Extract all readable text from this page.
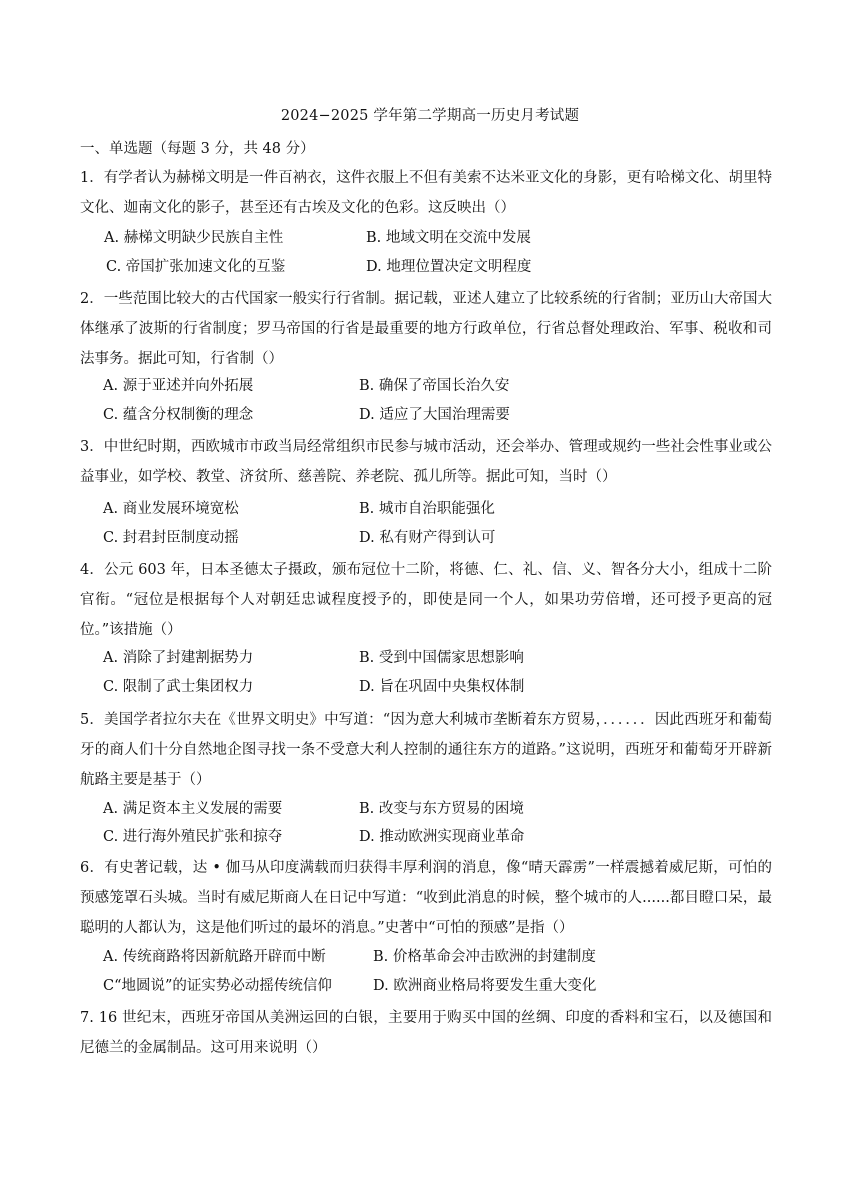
2024−2025 学年第二学期高一历史月考试题
一、单选题（每题 3 分，共 48 分）
1．有学者认为赫梯文明是一件百衲衣，这件衣服上不但有美索不达米亚文化的身影，更有哈梯文化、胡里特文化、迦南文化的影子，甚至还有古埃及文化的色彩。这反映出（）
A. 赫梯文明缺少民族自主性	B. 地域文明在交流中发展
C. 帝国扩张加速文化的互鉴	D. 地理位置决定文明程度
2．一些范围比较大的古代国家一般实行行省制。据记载，亚述人建立了比较系统的行省制；亚历山大帝国大体继承了波斯的行省制度；罗马帝国的行省是最重要的地方行政单位，行省总督处理政治、军事、税收和司法事务。据此可知，行省制（）
A. 源于亚述并向外拓展	B. 确保了帝国长治久安
C. 蕴含分权制衡的理念	D. 适应了大国治理需要
3．中世纪时期，西欧城市市政当局经常组织市民参与城市活动，还会举办、管理或规约一些社会性事业或公益事业，如学校、教堂、济贫所、慈善院、养老院、孤儿所等。据此可知，当时（）
A. 商业发展环境宽松	B. 城市自治职能强化
C. 封君封臣制度动摇	D. 私有财产得到认可
4．公元 603 年，日本圣德太子摄政，颁布冠位十二阶，将德、仁、礼、信、义、智各分大小，组成十二阶官衔。“冠位是根据每个人对朝廷忠诚程度授予的，即使是同一个人，如果功劳倍增，还可授予更高的冠位。”该措施（）
A. 消除了封建割据势力	B. 受到中国儒家思想影响
C. 限制了武士集团权力	D. 旨在巩固中央集权体制
5．美国学者拉尔夫在《世界文明史》中写道：“因为意大利城市垄断着东方贸易，．．．．．．因此西班牙和葡萄牙的商人们十分自然地企图寻找一条不受意大利人控制的通往东方的道路。”这说明，西班牙和葡萄牙开辟新航路主要是基于（）
A. 满足资本主义发展的需要	B. 改变与东方贸易的困境
C. 进行海外殖民扩张和掠夺	D. 推动欧洲实现商业革命
6．有史著记载，达 • 伽马从印度满载而归获得丰厚利润的消息，像“晴天霹雳”一样震撼着威尼斯，可怕的预感笼罩石头城。当时有威尼斯商人在日记中写道：“收到此消息的时候，整个城市的人......都目瞪口呆，最聪明的人都认为，这是他们听过的最坏的消息。”史著中“可怕的预感”是指（）
A. 传统商路将因新航路开辟而中断	B. 价格革命会冲击欧洲的封建制度
C“地圆说”的证实势必动摇传统信仰	D. 欧洲商业格局将要发生重大变化
7. 16 世纪末，西班牙帝国从美洲运回的白银，主要用于购买中国的丝绸、印度的香料和宝石，以及德国和尼德兰的金属制品。这可用来说明（）
